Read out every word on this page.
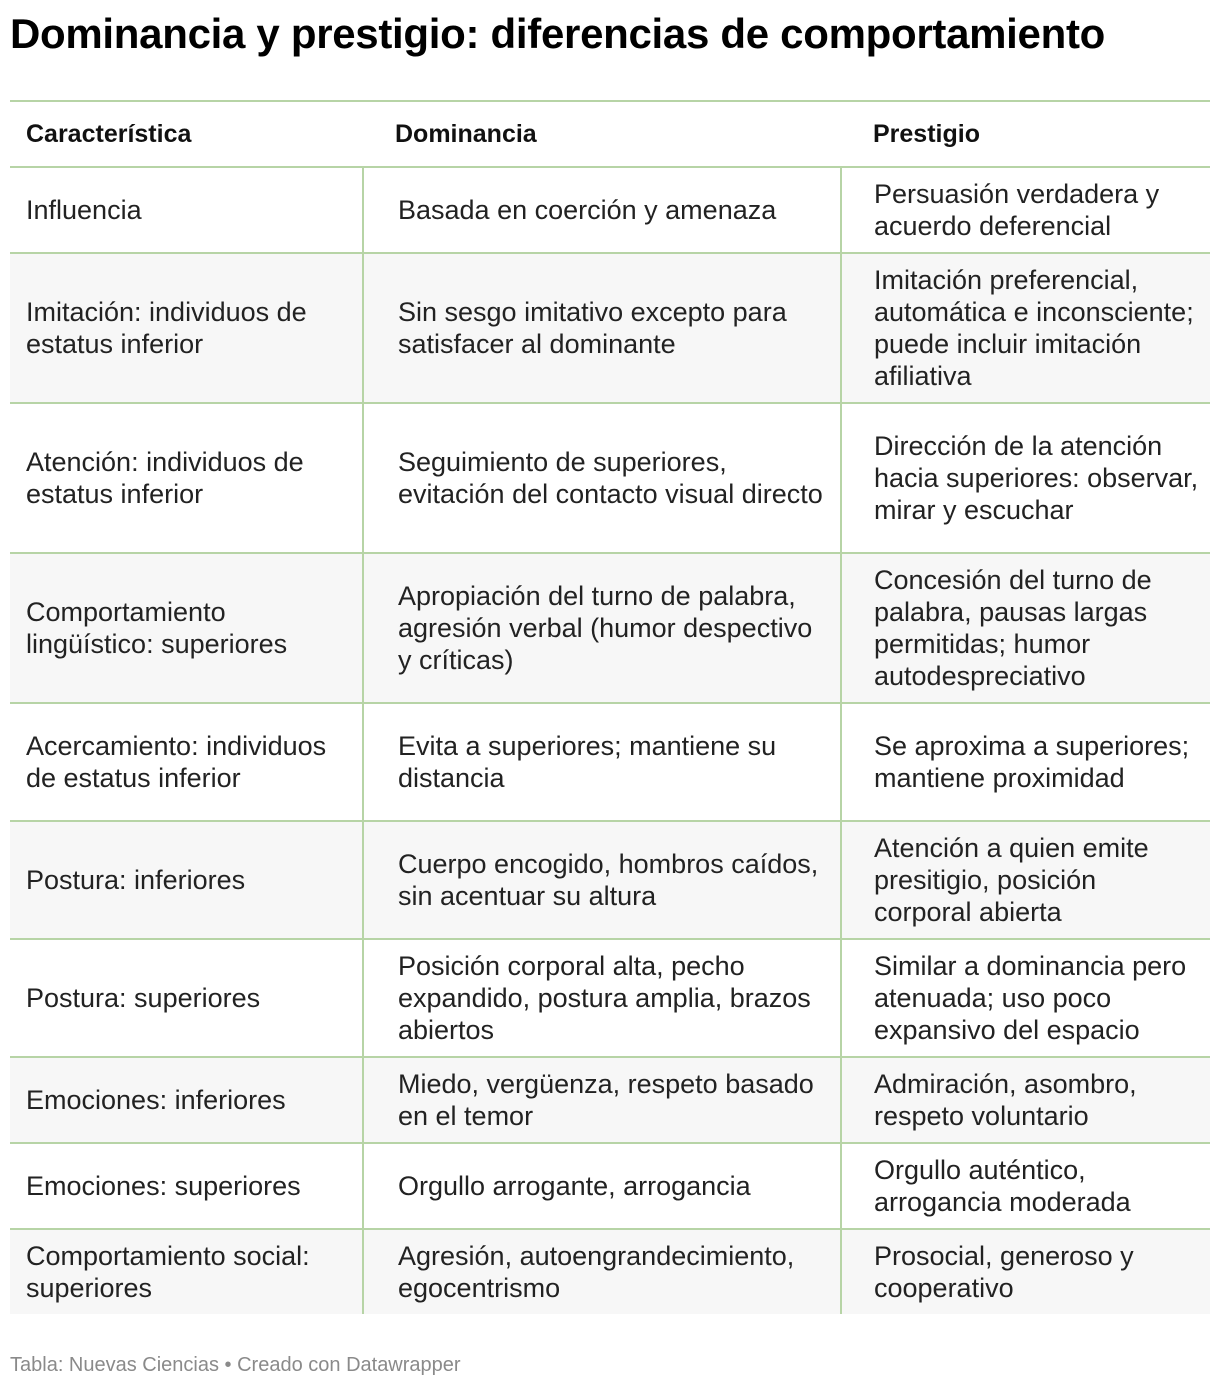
Dominancia y prestigio: diferencias de comportamiento
Característica	Dominancia	Prestigio
Influencia	Basada en coerción y amenaza	Persuasión verdadera y acuerdo deferencial
Imitación: individuos de estatus inferior	Sin sesgo imitativo excepto para satisfacer al dominante	Imitación preferencial, automática e inconsciente; puede incluir imitación afiliativa
Atención: individuos de estatus inferior	Seguimiento de superiores, evitación del contacto visual directo	Dirección de la atención hacia superiores: observar, mirar y escuchar
Comportamiento lingüístico: superiores	Apropiación del turno de palabra, agresión verbal (humor despectivo y críticas)	Concesión del turno de palabra, pausas largas permitidas; humor autodespreciativo
Acercamiento: individuos de estatus inferior	Evita a superiores; mantiene su distancia	Se aproxima a superiores; mantiene proximidad
Postura: inferiores	Cuerpo encogido, hombros caídos, sin acentuar su altura	Atención a quien emite presitigio, posición corporal abierta
Postura: superiores	Posición corporal alta, pecho expandido, postura amplia, brazos abiertos	Similar a dominancia pero atenuada; uso poco expansivo del espacio
Emociones: inferiores	Miedo, vergüenza, respeto basado en el temor	Admiración, asombro, respeto voluntario
Emociones: superiores	Orgullo arrogante, arrogancia	Orgullo auténtico, arrogancia moderada
Comportamiento social: superiores	Agresión, autoengrandecimiento, egocentrismo	Prosocial, generoso y cooperativo
Tabla: Nuevas Ciencias • Creado con Datawrapper
